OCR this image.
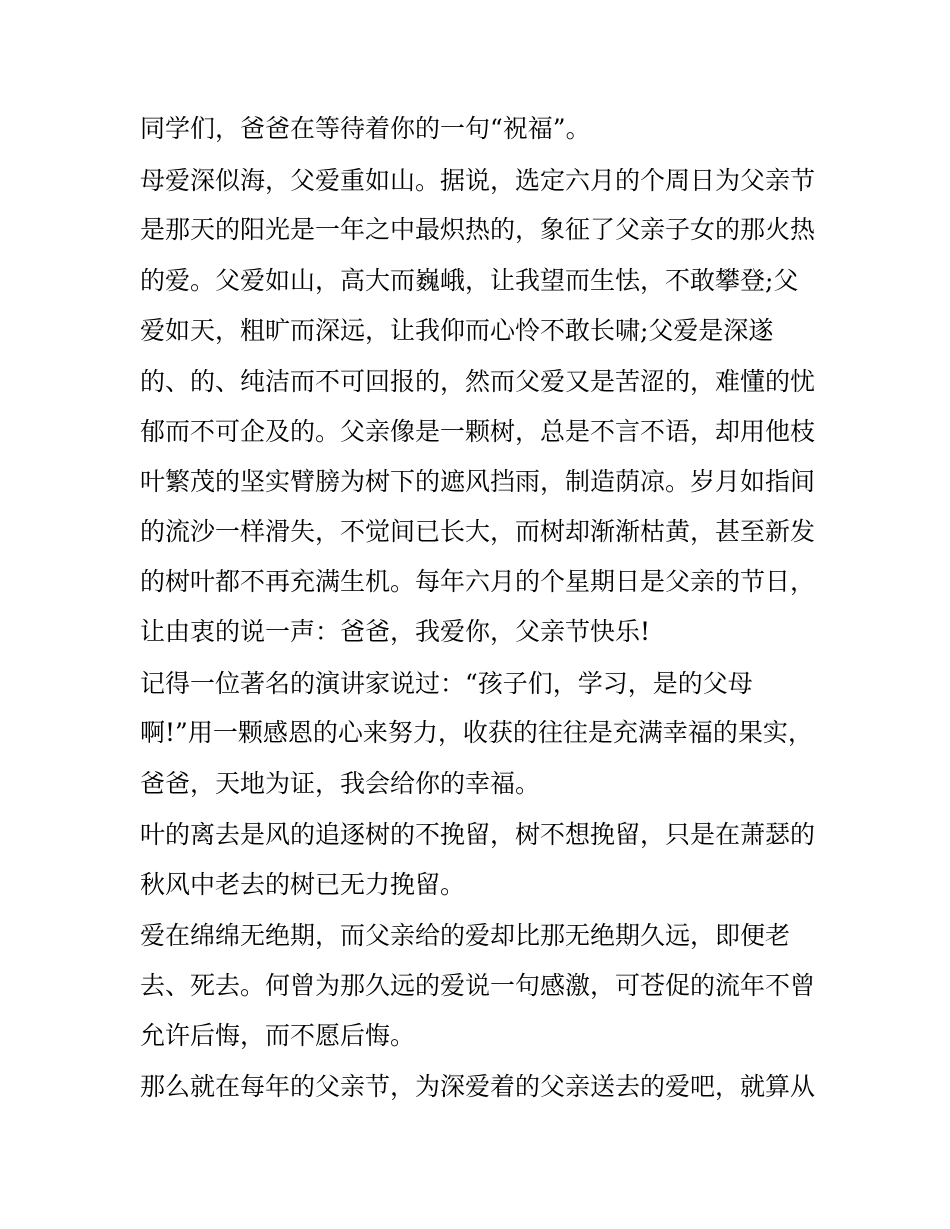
同学们，爸爸在等待着你的一句“祝福”。
母爱深似海，父爱重如山。据说，选定六月的个周日为父亲节
是那天的阳光是一年之中最炽热的，象征了父亲子女的那火热
的爱。父爱如山，高大而巍峨，让我望而生怯，不敢攀登;父
爱如天，粗旷而深远，让我仰而心怜不敢长啸;父爱是深遂
的、的、纯洁而不可回报的，然而父爱又是苦涩的，难懂的忧
郁而不可企及的。父亲像是一颗树，总是不言不语，却用他枝
叶繁茂的坚实臂膀为树下的遮风挡雨，制造荫凉。岁月如指间
的流沙一样滑失，不觉间已长大，而树却渐渐枯黄，甚至新发
的树叶都不再充满生机。每年六月的个星期日是父亲的节日，
让由衷的说一声：爸爸，我爱你，父亲节快乐!
记得一位著名的演讲家说过：“孩子们，学习，是的父母
啊!”用一颗感恩的心来努力，收获的往往是充满幸福的果实，
爸爸，天地为证，我会给你的幸福。
叶的离去是风的追逐树的不挽留，树不想挽留，只是在萧瑟的
秋风中老去的树已无力挽留。
爱在绵绵无绝期，而父亲给的爱却比那无绝期久远，即便老
去、死去。何曾为那久远的爱说一句感激，可苍促的流年不曾
允许后悔，而不愿后悔。
那么就在每年的父亲节，为深爱着的父亲送去的爱吧，就算从
